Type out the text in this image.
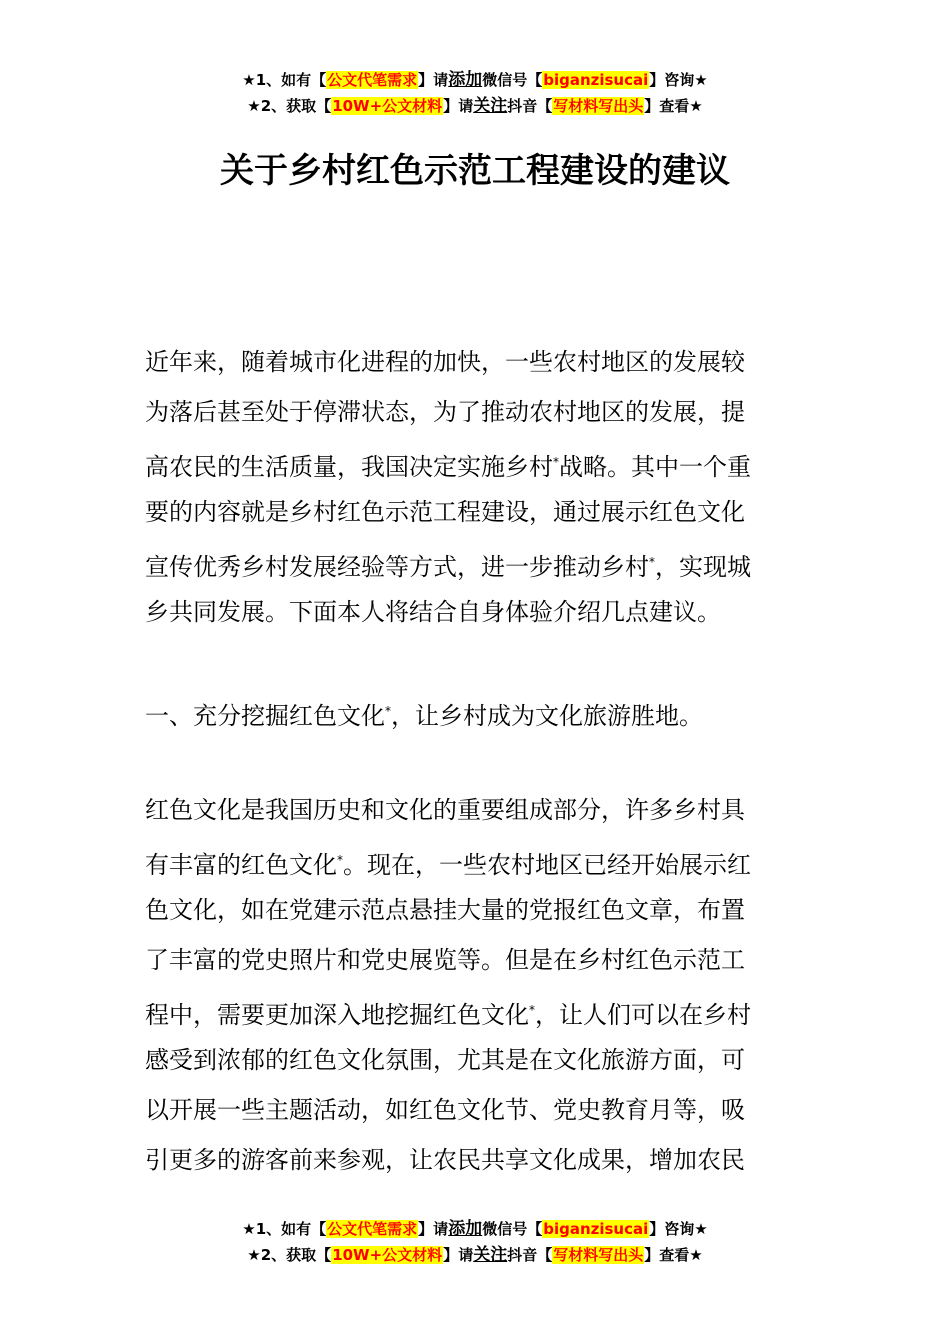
★1、如有【公文代笔需求】请添加微信号【biganzisucai】咨询★
★2、获取【10W+公文材料】请关注抖音【写材料写出头】查看★
关于乡村红色示范工程建设的建议
近年来，随着城市化进程的加快，一些农村地区的发展较
为落后甚至处于停滞状态，为了推动农村地区的发展，提
高农民的生活质量，我国决定实施乡村*战略。其中一个重
要的内容就是乡村红色示范工程建设，通过展示红色文化
宣传优秀乡村发展经验等方式，进一步推动乡村*，实现城
乡共同发展。下面本人将结合自身体验介绍几点建议。
一、充分挖掘红色文化*，让乡村成为文化旅游胜地。
红色文化是我国历史和文化的重要组成部分，许多乡村具
有丰富的红色文化*。现在，一些农村地区已经开始展示红
色文化，如在党建示范点悬挂大量的党报红色文章，布置
了丰富的党史照片和党史展览等。但是在乡村红色示范工
程中，需要更加深入地挖掘红色文化*，让人们可以在乡村
感受到浓郁的红色文化氛围，尤其是在文化旅游方面，可
以开展一些主题活动，如红色文化节、党史教育月等，吸
引更多的游客前来参观，让农民共享文化成果，增加农民
★1、如有【公文代笔需求】请添加微信号【biganzisucai】咨询★
★2、获取【10W+公文材料】请关注抖音【写材料写出头】查看★
